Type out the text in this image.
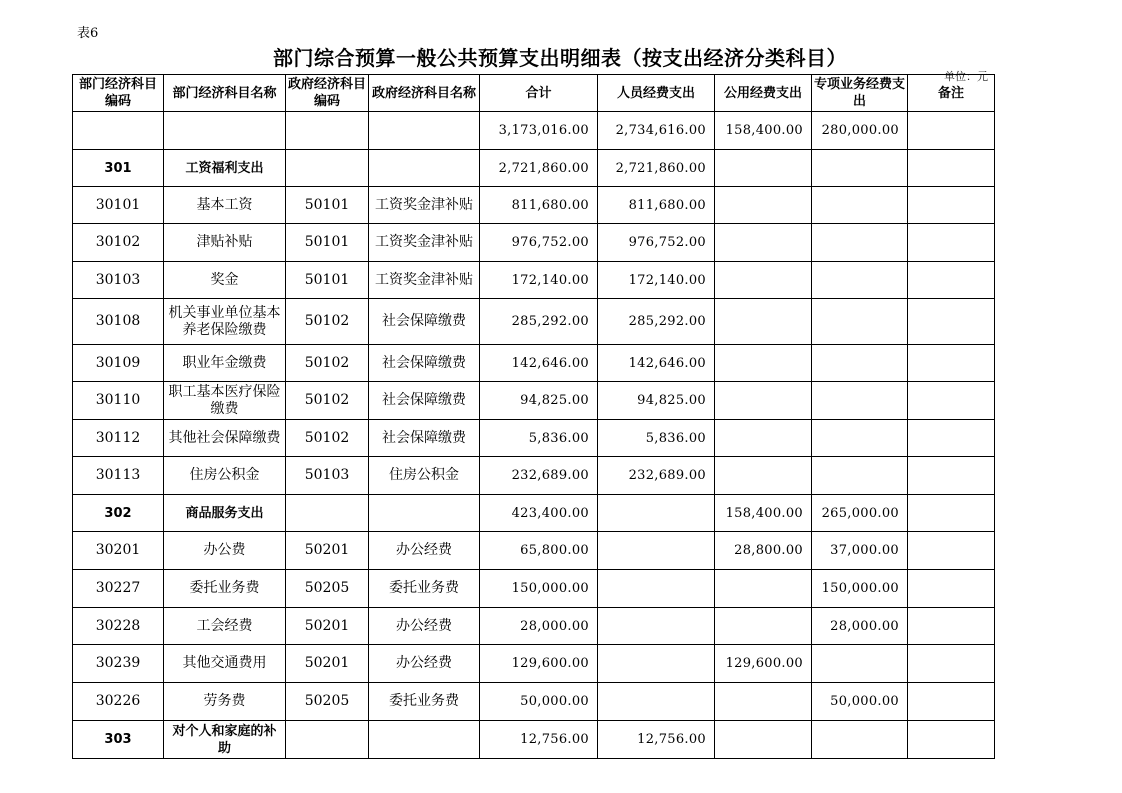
表6
部门综合预算一般公共预算支出明细表（按支出经济分类科目）
单位：元
部门经济科目编码	部门经济科目名称	政府经济科目编码	政府经济科目名称	合计	人员经费支出	公用经费支出	专项业务经费支出	备注
				3,173,016.00	2,734,616.00	158,400.00	280,000.00	
301	工资福利支出			2,721,860.00	2,721,860.00			
30101	基本工资	50101	工资奖金津补贴	811,680.00	811,680.00			
30102	津贴补贴	50101	工资奖金津补贴	976,752.00	976,752.00			
30103	奖金	50101	工资奖金津补贴	172,140.00	172,140.00			
30108	机关事业单位基本养老保险缴费	50102	社会保障缴费	285,292.00	285,292.00			
30109	职业年金缴费	50102	社会保障缴费	142,646.00	142,646.00			
30110	职工基本医疗保险缴费	50102	社会保障缴费	94,825.00	94,825.00			
30112	其他社会保障缴费	50102	社会保障缴费	5,836.00	5,836.00			
30113	住房公积金	50103	住房公积金	232,689.00	232,689.00			
302	商品服务支出			423,400.00		158,400.00	265,000.00	
30201	办公费	50201	办公经费	65,800.00		28,800.00	37,000.00	
30227	委托业务费	50205	委托业务费	150,000.00			150,000.00	
30228	工会经费	50201	办公经费	28,000.00			28,000.00	
30239	其他交通费用	50201	办公经费	129,600.00		129,600.00		
30226	劳务费	50205	委托业务费	50,000.00			50,000.00	
303	对个人和家庭的补助			12,756.00	12,756.00			
